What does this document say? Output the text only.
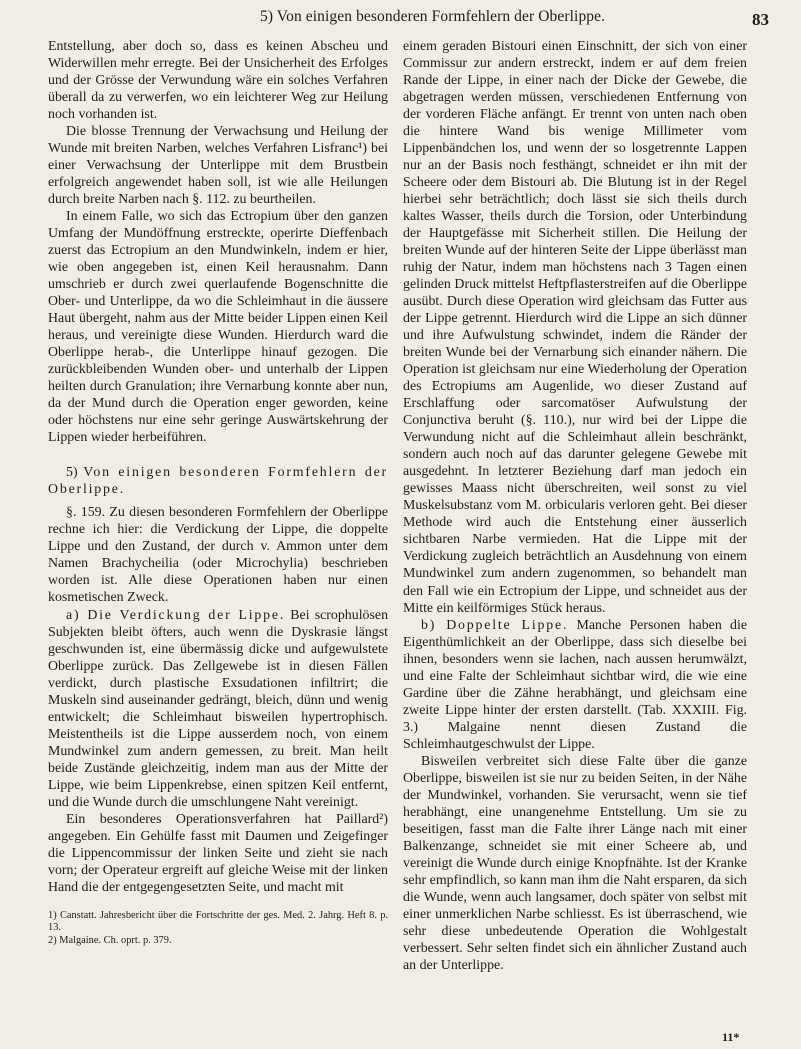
5) Von einigen besonderen Formfehlern der Oberlippe.	83

Entstellung, aber doch so, dass es keinen Abscheu und Widerwillen mehr erregte. Bei der Unsicherheit des Erfolges und der Grösse der Verwundung wäre ein solches Verfahren überall da zu verwerfen, wo ein leichterer Weg zur Heilung noch vorhanden ist.

Die blosse Trennung der Verwachsung und Heilung der Wunde mit breiten Narben, welches Verfahren Lisfranc¹) bei einer Verwachsung der Unterlippe mit dem Brustbein erfolgreich angewendet haben soll, ist wie alle Heilungen durch breite Narben nach §. 112. zu beurtheilen.

In einem Falle, wo sich das Ectropium über den ganzen Umfang der Mundöffnung erstreckte, operirte Dieffenbach zuerst das Ectropium an den Mundwinkeln, indem er hier, wie oben angegeben ist, einen Keil herausnahm. Dann umschrieb er durch zwei querlaufende Bogenschnitte die Ober- und Unterlippe, da wo die Schleimhaut in die äussere Haut übergeht, nahm aus der Mitte beider Lippen einen Keil heraus, und vereinigte diese Wunden. Hierdurch ward die Oberlippe herab-, die Unterlippe hinauf gezogen. Die zurückbleibenden Wunden ober- und unterhalb der Lippen heilten durch Granulation; ihre Vernarbung konnte aber nun, da der Mund durch die Operation enger geworden, keine oder höchstens nur eine sehr geringe Auswärtskehrung der Lippen wieder herbeiführen.

5) Von einigen besonderen Formfehlern der Oberlippe.

§. 159. Zu diesen besonderen Formfehlern der Oberlippe rechne ich hier: die Verdickung der Lippe, die doppelte Lippe und den Zustand, der durch v. Ammon unter dem Namen Brachycheilia (oder Microchylia) beschrieben worden ist. Alle diese Operationen haben nur einen kosmetischen Zweck.

a) Die Verdickung der Lippe. Bei scrophulösen Subjekten bleibt öfters, auch wenn die Dyskrasie längst geschwunden ist, eine übermässig dicke und aufgewulstete Oberlippe zurück. Das Zellgewebe ist in diesen Fällen verdickt, durch plastische Exsudationen infiltrirt; die Muskeln sind auseinander gedrängt, bleich, dünn und wenig entwickelt; die Schleimhaut bisweilen hypertrophisch. Meistentheils ist die Lippe ausserdem noch, von einem Mundwinkel zum andern gemessen, zu breit. Man heilt beide Zustände gleichzeitig, indem man aus der Mitte der Lippe, wie beim Lippenkrebse, einen spitzen Keil entfernt, und die Wunde durch die umschlungene Naht vereinigt.

Ein besonderes Operationsverfahren hat Paillard²) angegeben. Ein Gehülfe fasst mit Daumen und Zeigefinger die Lippencommissur der linken Seite und zieht sie nach vorn; der Operateur ergreift auf gleiche Weise mit der linken Hand die der entgegengesetzten Seite, und macht mit

1) Canstatt. Jahresbericht über die Fortschritte der ges. Med. 2. Jahrg. Heft 8. p. 13.
2) Malgaine. Ch. oprt. p. 379.

einem geraden Bistouri einen Einschnitt, der sich von einer Commissur zur andern erstreckt, indem er auf dem freien Rande der Lippe, in einer nach der Dicke der Gewebe, die abgetragen werden müssen, verschiedenen Entfernung von der vorderen Fläche anfängt. Er trennt von unten nach oben die hintere Wand bis wenige Millimeter vom Lippenbändchen los, und wenn der so losgetrennte Lappen nur an der Basis noch festhängt, schneidet er ihn mit der Scheere oder dem Bistouri ab. Die Blutung ist in der Regel hierbei sehr beträchtlich; doch lässt sie sich theils durch kaltes Wasser, theils durch die Torsion, oder Unterbindung der Hauptgefässe mit Sicherheit stillen. Die Heilung der breiten Wunde auf der hinteren Seite der Lippe überlässt man ruhig der Natur, indem man höchstens nach 3 Tagen einen gelinden Druck mittelst Heftpflasterstreifen auf die Oberlippe ausübt. Durch diese Operation wird gleichsam das Futter aus der Lippe getrennt. Hierdurch wird die Lippe an sich dünner und ihre Aufwulstung schwindet, indem die Ränder der breiten Wunde bei der Vernarbung sich einander nähern. Die Operation ist gleichsam nur eine Wiederholung der Operation des Ectropiums am Augenlide, wo dieser Zustand auf Erschlaffung oder sarcomatöser Aufwulstung der Conjunctiva beruht (§. 110.), nur wird bei der Lippe die Verwundung nicht auf die Schleimhaut allein beschränkt, sondern auch noch auf das darunter gelegene Gewebe mit ausgedehnt. In letzterer Beziehung darf man jedoch ein gewisses Maass nicht überschreiten, weil sonst zu viel Muskelsubstanz vom M. orbicularis verloren geht. Bei dieser Methode wird auch die Entstehung einer äusserlich sichtbaren Narbe vermieden. Hat die Lippe mit der Verdickung zugleich beträchtlich an Ausdehnung von einem Mundwinkel zum andern zugenommen, so behandelt man den Fall wie ein Ectropium der Lippe, und schneidet aus der Mitte ein keilförmiges Stück heraus.

b) Doppelte Lippe. Manche Personen haben die Eigenthümlichkeit an der Oberlippe, dass sich dieselbe bei ihnen, besonders wenn sie lachen, nach aussen herumwälzt, und eine Falte der Schleimhaut sichtbar wird, die wie eine Gardine über die Zähne herabhängt, und gleichsam eine zweite Lippe hinter der ersten darstellt. (Tab. XXXIII. Fig. 3.) Malgaine nennt diesen Zustand die Schleimhautgeschwulst der Lippe.

Bisweilen verbreitet sich diese Falte über die ganze Oberlippe, bisweilen ist sie nur zu beiden Seiten, in der Nähe der Mundwinkel, vorhanden. Sie verursacht, wenn sie tief herabhängt, eine unangenehme Entstellung. Um sie zu beseitigen, fasst man die Falte ihrer Länge nach mit einer Balkenzange, schneidet sie mit einer Scheere ab, und vereinigt die Wunde durch einige Knopfnähte. Ist der Kranke sehr empfindlich, so kann man ihm die Naht ersparen, da sich die Wunde, wenn auch langsamer, doch später von selbst mit einer unmerklichen Narbe schliesst. Es ist überraschend, wie sehr diese unbedeutende Operation die Wohlgestalt verbessert. Sehr selten findet sich ein ähnlicher Zustand auch an der Unterlippe.

11*
